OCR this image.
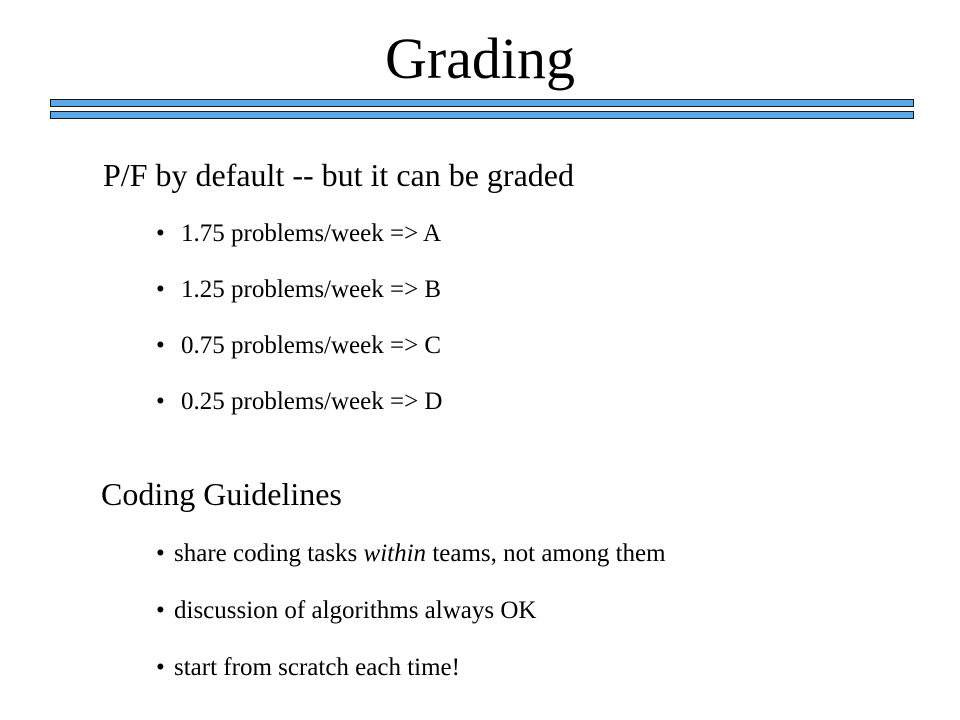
Grading
P/F by default -- but it can be graded
• 1.75 problems/week => A
• 1.25 problems/week => B
• 0.75 problems/week => C
• 0.25 problems/week => D
Coding Guidelines
• share coding tasks within teams, not among them
• discussion of algorithms always OK
• start from scratch each time!
